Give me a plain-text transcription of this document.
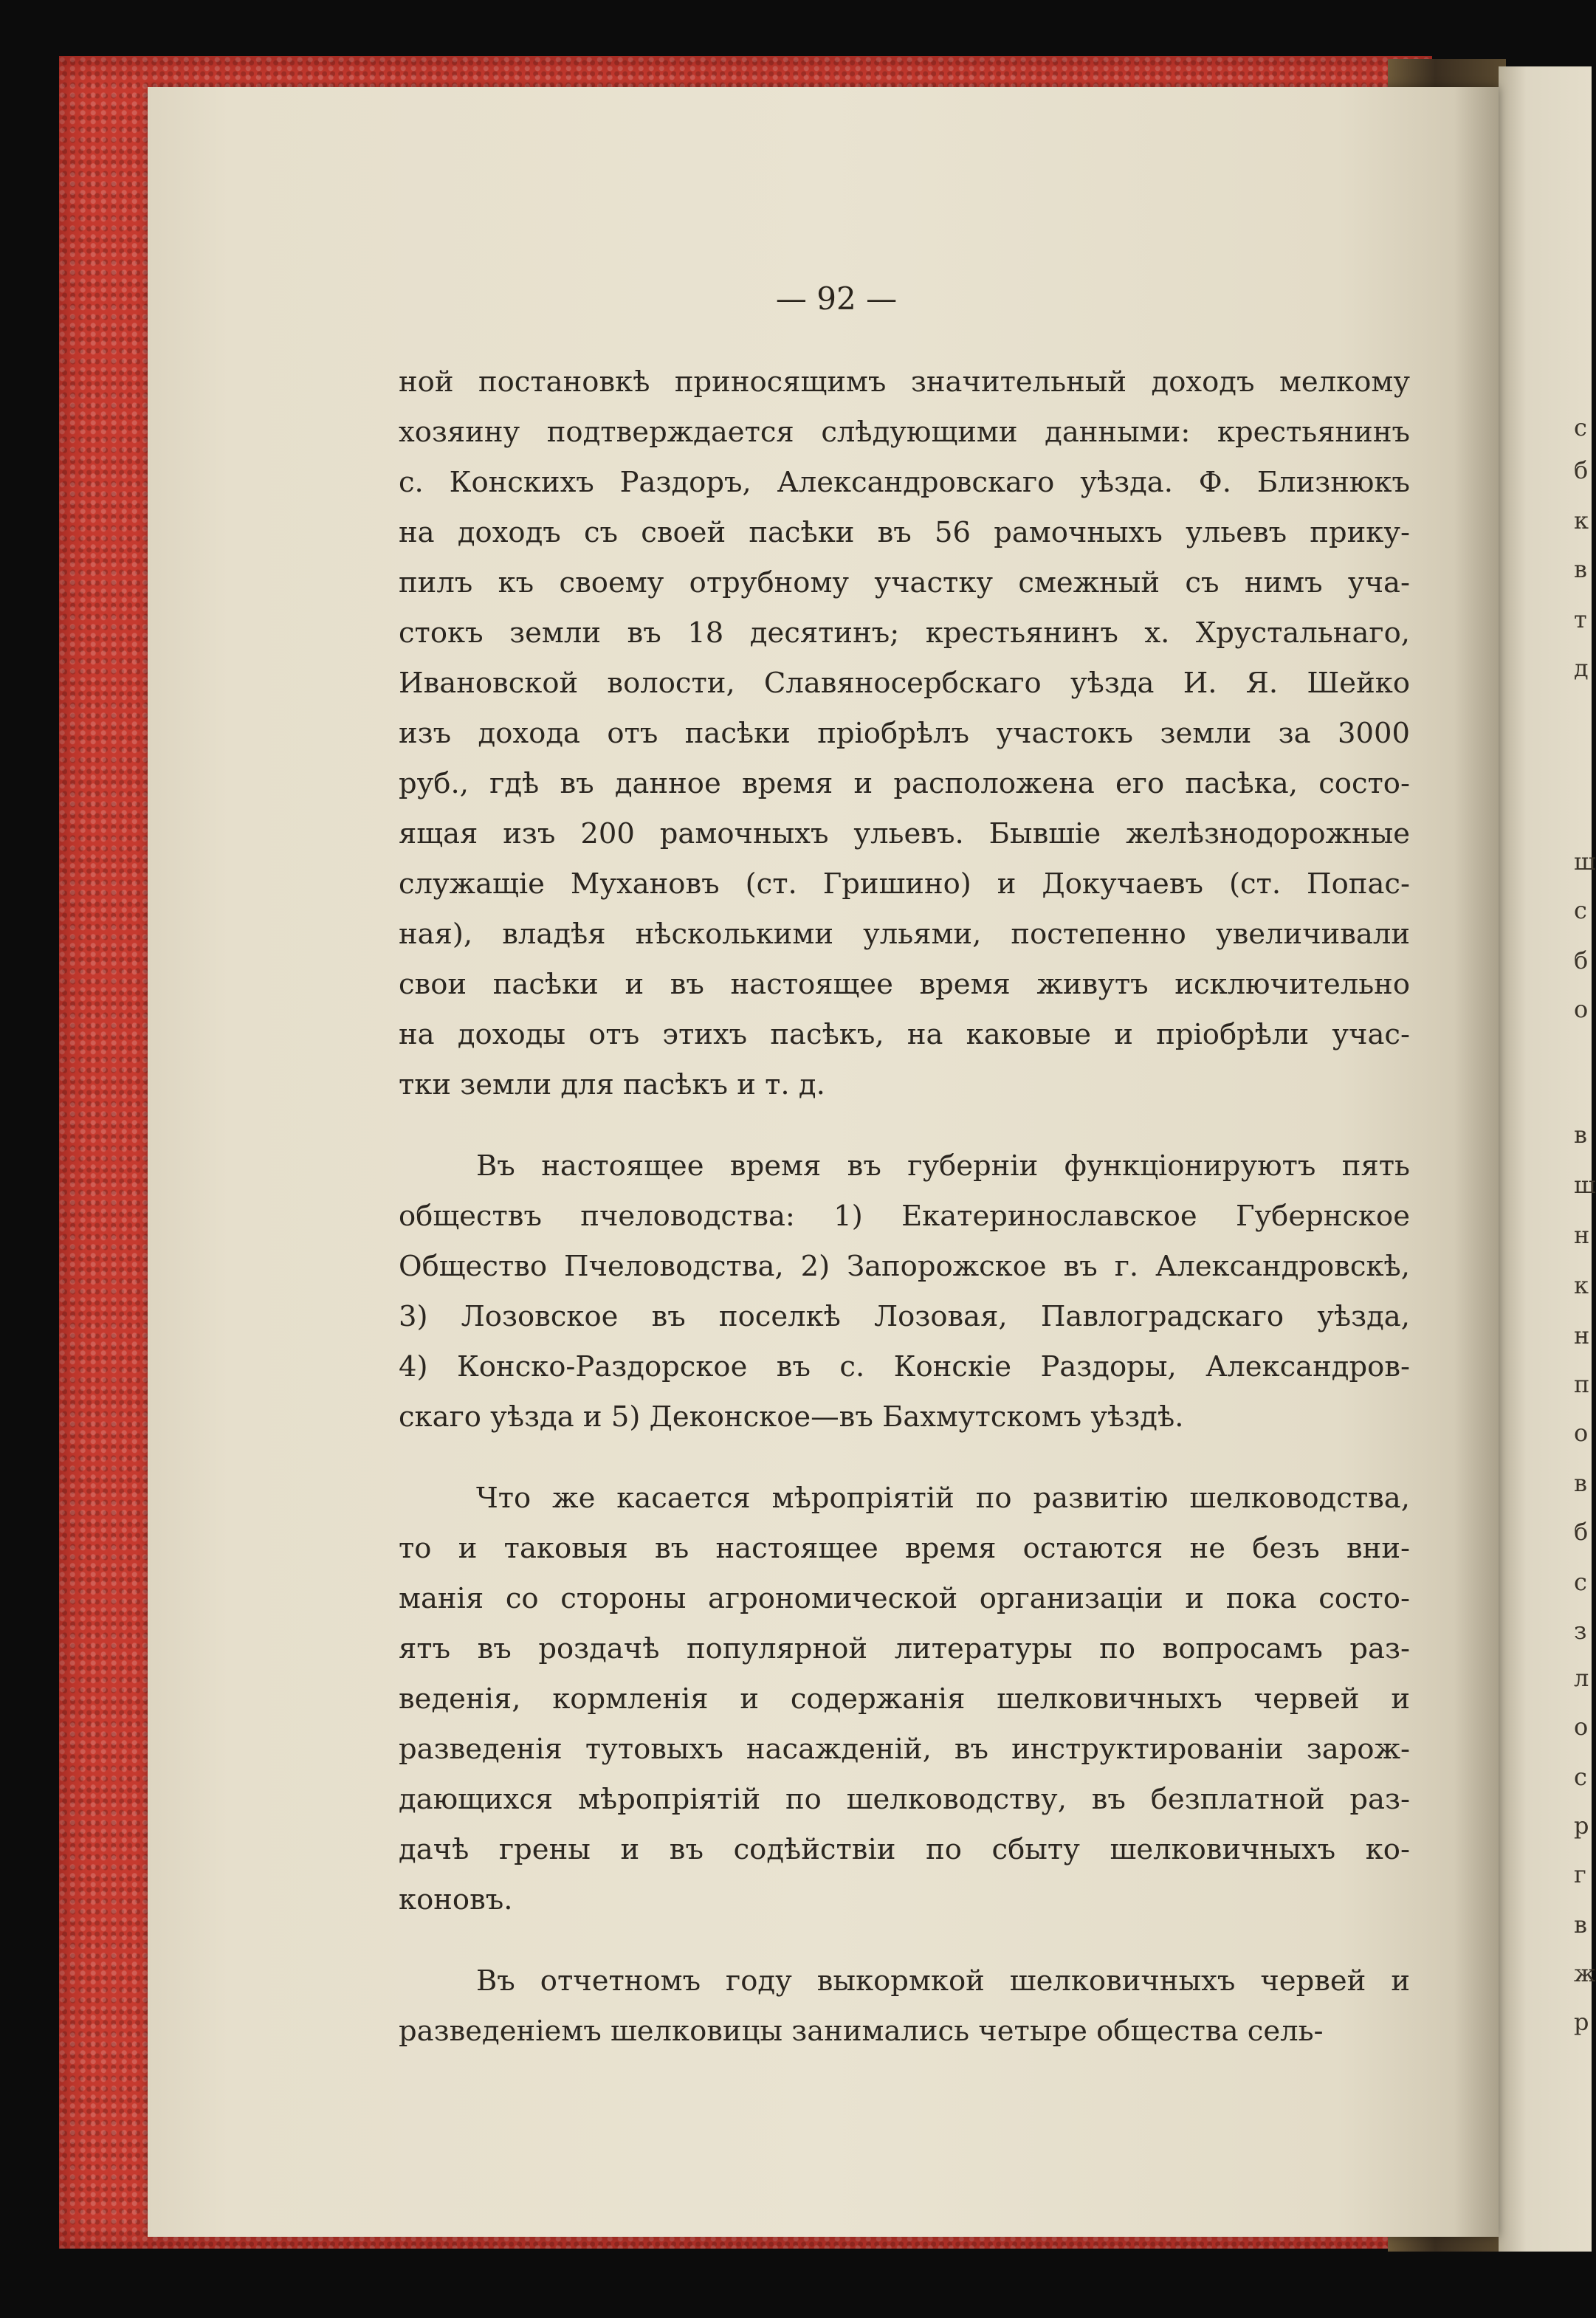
с
б
к
в
т
д
ш
с
б
о
в
ш
н
к
н
п
о
в
б
с
з
л
о
с
р
г
в
ж
р
— 92 —
ной постановкѣ приносящимъ значительный доходъ мелкому
хозяину подтверждается слѣдующими данными: крестьянинъ
с. Конскихъ Раздоръ, Александровскаго уѣзда. Ф. Близнюкъ
на доходъ съ своей пасѣки въ 56 рамочныхъ ульевъ прику-
пилъ къ своему отрубному участку смежный съ нимъ уча-
стокъ земли въ 18 десятинъ; крестьянинъ х. Хрустальнаго,
Ивановской волости, Славяносербскаго уѣзда И. Я. Шейко
изъ дохода отъ пасѣки пріобрѣлъ участокъ земли за 3000
руб., гдѣ въ данное время и расположена его пасѣка, состо-
ящая изъ 200 рамочныхъ ульевъ. Бывшіе желѣзнодорожные
служащіе Мухановъ (ст. Гришино) и Докучаевъ (ст. Попас-
ная), владѣя нѣсколькими ульями, постепенно увеличивали
свои пасѣки и въ настоящее время живутъ исключительно
на доходы отъ этихъ пасѣкъ, на каковые и пріобрѣли учас-
тки земли для пасѣкъ и т. д.
Въ настоящее время въ губерніи функціонируютъ пять
обществъ пчеловодства: 1) Екатеринославское Губернское
Общество Пчеловодства, 2) Запорожское въ г. Александровскѣ,
3) Лозовское въ поселкѣ Лозовая, Павлоградскаго уѣзда,
4) Конско-Раздорское въ с. Конскіе Раздоры, Александров-
скаго уѣзда и 5) Деконское—въ Бахмутскомъ уѣздѣ.
Что же касается мѣропріятій по развитію шелководства,
то и таковыя въ настоящее время остаются не безъ вни-
манія со стороны агрономической организаціи и пока состо-
ятъ въ роздачѣ популярной литературы по вопросамъ раз-
веденія, кормленія и содержанія шелковичныхъ червей и
разведенія тутовыхъ насажденій, въ инструктированіи зарож-
дающихся мѣропріятій по шелководству, въ безплатной раз-
дачѣ грены и въ содѣйствіи по сбыту шелковичныхъ ко-
коновъ.
Въ отчетномъ году выкормкой шелковичныхъ червей и
разведеніемъ шелковицы занимались четыре общества сель-
